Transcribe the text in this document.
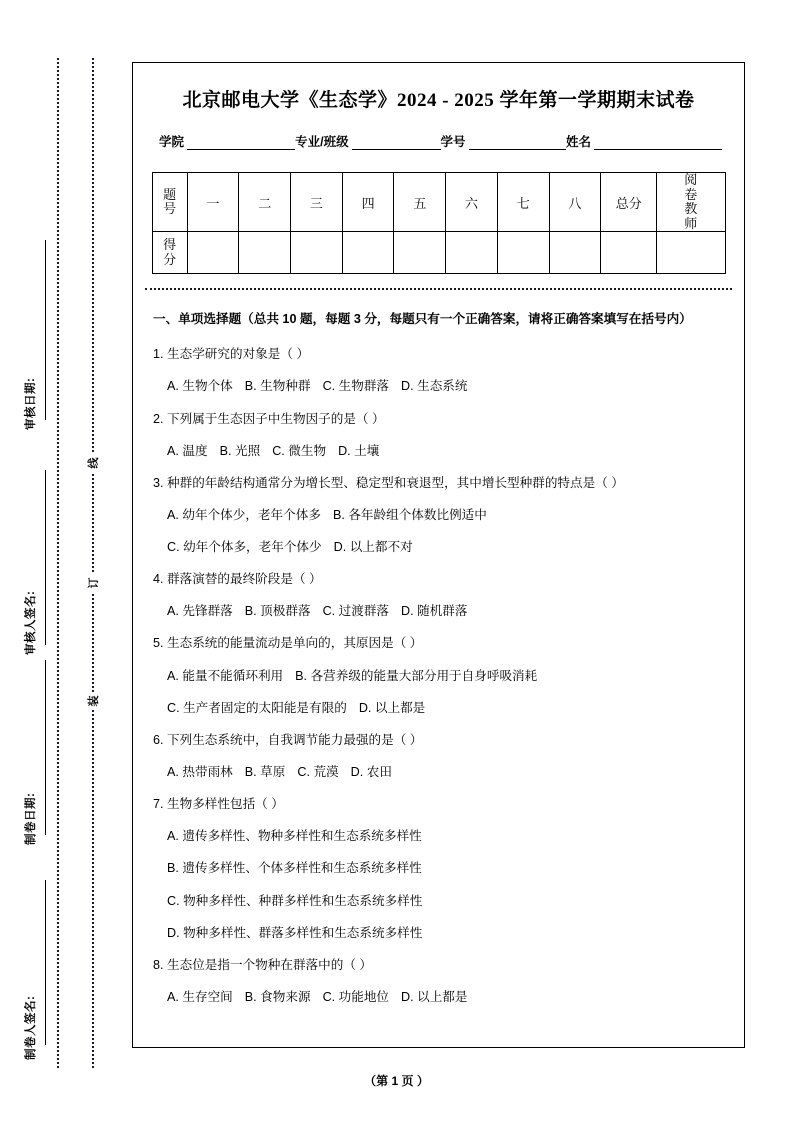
审核日期:
审核人签名:
制卷日期:
制卷人签名:
线
订
装
北京邮电大学《生态学》2024 - 2025 学年第一学期期末试卷
学院	专业/班级	学号	姓名
题
号	一	二	三	四	五	六	七	八	总分	阅
卷
教
师

得
分										

一、单项选择题（总共 10 题，每题 3 分，每题只有一个正确答案，请将正确答案填写在括号内）
1. 生态学研究的对象是（ ）
A. 生物个体 B. 生物种群 C. 生物群落 D. 生态系统
2. 下列属于生态因子中生物因子的是（ ）
A. 温度 B. 光照 C. 微生物 D. 土壤
3. 种群的年龄结构通常分为增长型、稳定型和衰退型，其中增长型种群的特点是（ ）
A. 幼年个体少，老年个体多 B. 各年龄组个体数比例适中
C. 幼年个体多，老年个体少 D. 以上都不对
4. 群落演替的最终阶段是（ ）
A. 先锋群落 B. 顶极群落 C. 过渡群落 D. 随机群落
5. 生态系统的能量流动是单向的，其原因是（ ）
A. 能量不能循环利用 B. 各营养级的能量大部分用于自身呼吸消耗
C. 生产者固定的太阳能是有限的 D. 以上都是
6. 下列生态系统中，自我调节能力最强的是（ ）
A. 热带雨林 B. 草原 C. 荒漠 D. 农田
7. 生物多样性包括（ ）
A. 遗传多样性、物种多样性和生态系统多样性
B. 遗传多样性、个体多样性和生态系统多样性
C. 物种多样性、种群多样性和生态系统多样性
D. 物种多样性、群落多样性和生态系统多样性
8. 生态位是指一个物种在群落中的（ ）
A. 生存空间 B. 食物来源 C. 功能地位 D. 以上都是
（第 1 页 ）
